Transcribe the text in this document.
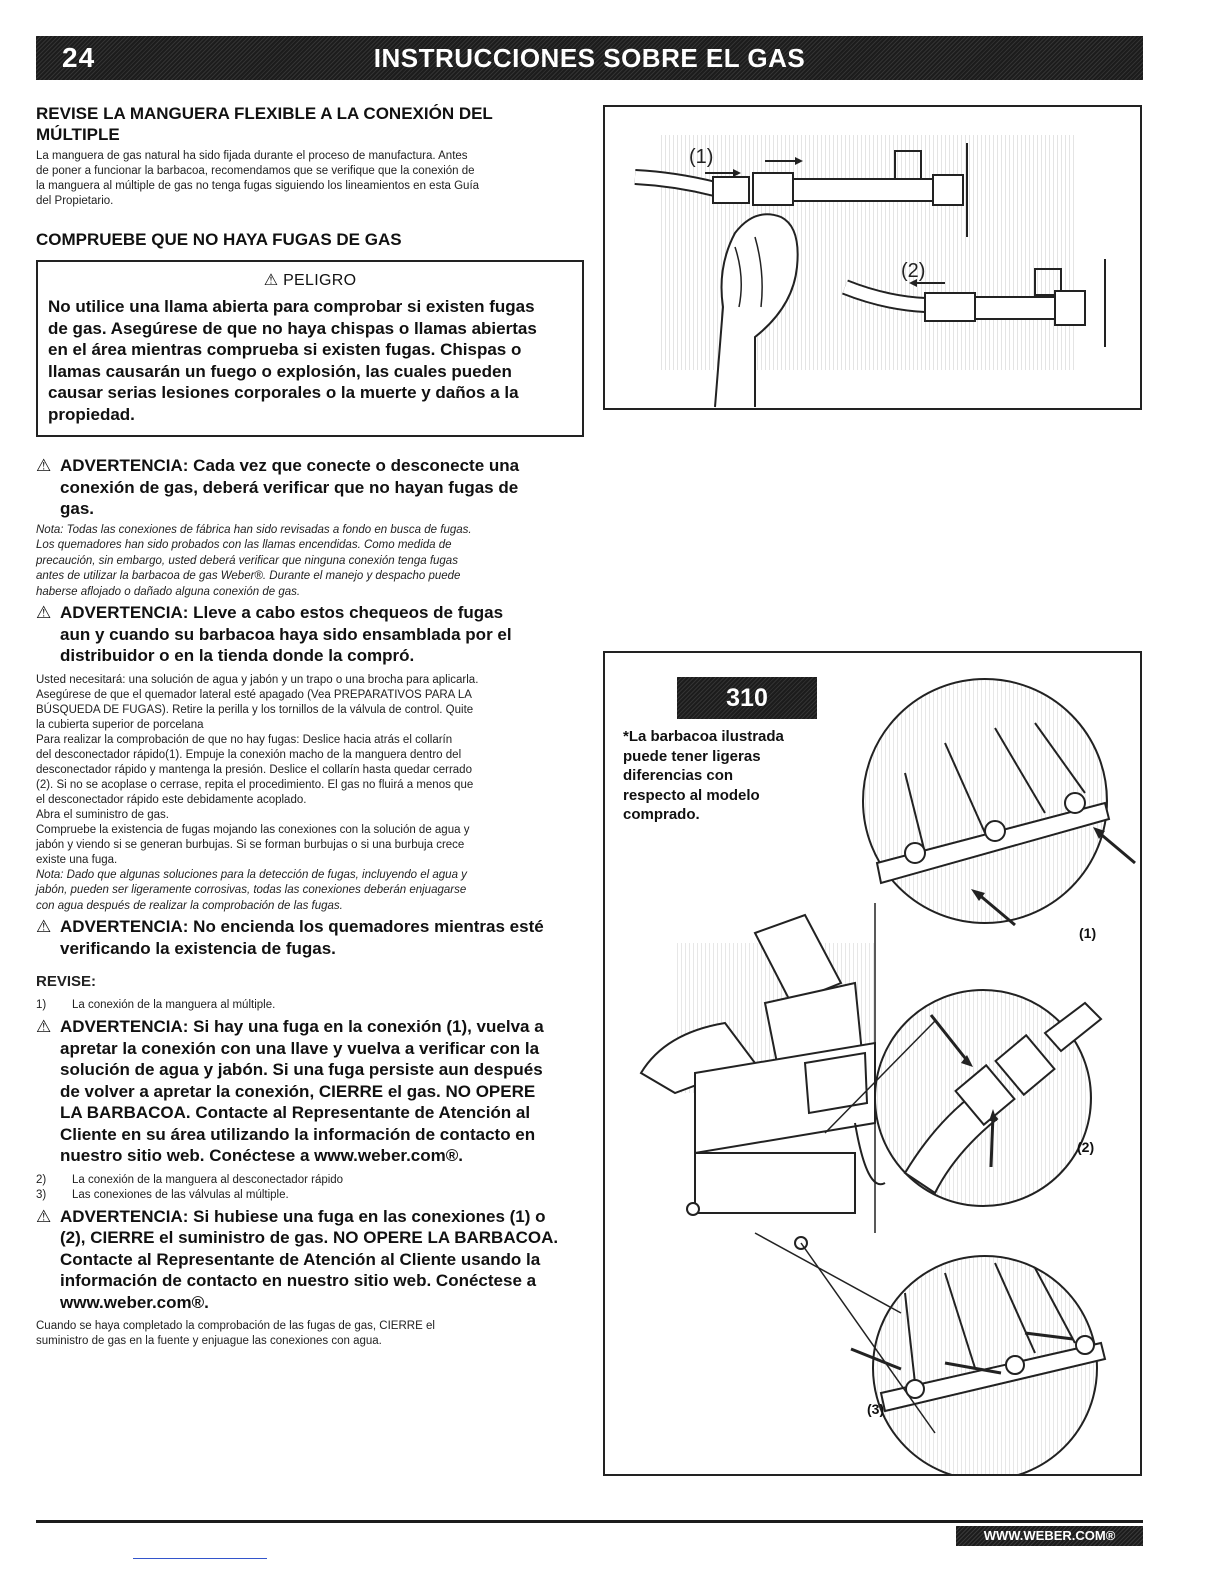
24	INSTRUCCIONES SOBRE EL GAS
REVISE LA MANGUERA FLEXIBLE A LA CONEXIÓN DEL
MÚLTIPLE
La manguera de gas natural ha sido fijada durante el proceso de manufactura. Antes
de poner a funcionar la barbacoa, recomendamos que se verifique que la conexión de
la manguera al múltiple de gas no tenga fugas siguiendo los lineamientos en esta Guía
del Propietario.
COMPRUEBE QUE NO HAYA FUGAS DE GAS
⚠ PELIGRO
No utilice una llama abierta para comprobar si existen fugas
de gas. Asegúrese de que no haya chispas o llamas abiertas
en el área mientras comprueba si existen fugas. Chispas o
llamas causarán un fuego o explosión, las cuales pueden
causar serias lesiones corporales o la muerte y daños a la
propiedad.
⚠ ADVERTENCIA: Cada vez que conecte o desconecte una
conexión de gas, deberá verificar que no hayan fugas de
gas.
Nota: Todas las conexiones de fábrica han sido revisadas a fondo en busca de fugas.
Los quemadores han sido probados con las llamas encendidas. Como medida de
precaución, sin embargo, usted deberá verificar que ninguna conexión tenga fugas
antes de utilizar la barbacoa de gas Weber®. Durante el manejo y despacho puede
haberse aflojado o dañado alguna conexión de gas.
⚠ ADVERTENCIA: Lleve a cabo estos chequeos de fugas
aun y cuando su barbacoa haya sido ensamblada por el
distribuidor o en la tienda donde la compró.
Usted necesitará: una solución de agua y jabón y un trapo o una brocha para aplicarla.
Asegúrese de que el quemador lateral esté apagado (Vea PREPARATIVOS PARA LA
BÚSQUEDA DE FUGAS). Retire la perilla y los tornillos de la válvula de control. Quite
la cubierta superior de porcelana
Para realizar la comprobación de que no hay fugas: Deslice hacia atrás el collarín
del desconectador rápido(1). Empuje la conexión macho de la manguera dentro del
desconectador rápido y mantenga la presión. Deslice el collarín hasta quedar cerrado
(2). Si no se acoplase o cerrase, repita el procedimiento. El gas no fluirá a menos que
el desconectador rápido este debidamente acoplado.
Abra el suministro de gas.
Compruebe la existencia de fugas mojando las conexiones con la solución de agua y
jabón y viendo si se generan burbujas. Si se forman burbujas o si una burbuja crece
existe una fuga.
Nota: Dado que algunas soluciones para la detección de fugas, incluyendo el agua y
jabón, pueden ser ligeramente corrosivas, todas las conexiones deberán enjuagarse
con agua después de realizar la comprobación de las fugas.
⚠ ADVERTENCIA: No encienda los quemadores mientras esté
verificando la existencia de fugas.
REVISE:
1) La conexión de la manguera al múltiple.
⚠ ADVERTENCIA: Si hay una fuga en la conexión (1), vuelva a
apretar la conexión con una llave y vuelva a verificar con la
solución de agua y jabón. Si una fuga persiste aun después
de volver a apretar la conexión, CIERRE el gas. NO OPERE
LA BARBACOA. Contacte al Representante de Atención al
Cliente en su área utilizando la información de contacto en
nuestro sitio web. Conéctese a www.weber.com®.
2) La conexión de la manguera al desconectador rápido
3) Las conexiones de las válvulas al múltiple.
⚠ ADVERTENCIA: Si hubiese una fuga en las conexiones (1) o
(2), CIERRE el suministro de gas. NO OPERE LA BARBACOA.
Contacte al Representante de Atención al Cliente usando la
información de contacto en nuestro sitio web. Conéctese a
www.weber.com®.
Cuando se haya completado la comprobación de las fugas de gas, CIERRE el
suministro de gas en la fuente y enjuague las conexiones con agua.
(1)
(2)
310
*La barbacoa ilustrada
puede tener ligeras
diferencias con
respecto al modelo
comprado.
(1)
(2)
(3)
WWW.WEBER.COM®
